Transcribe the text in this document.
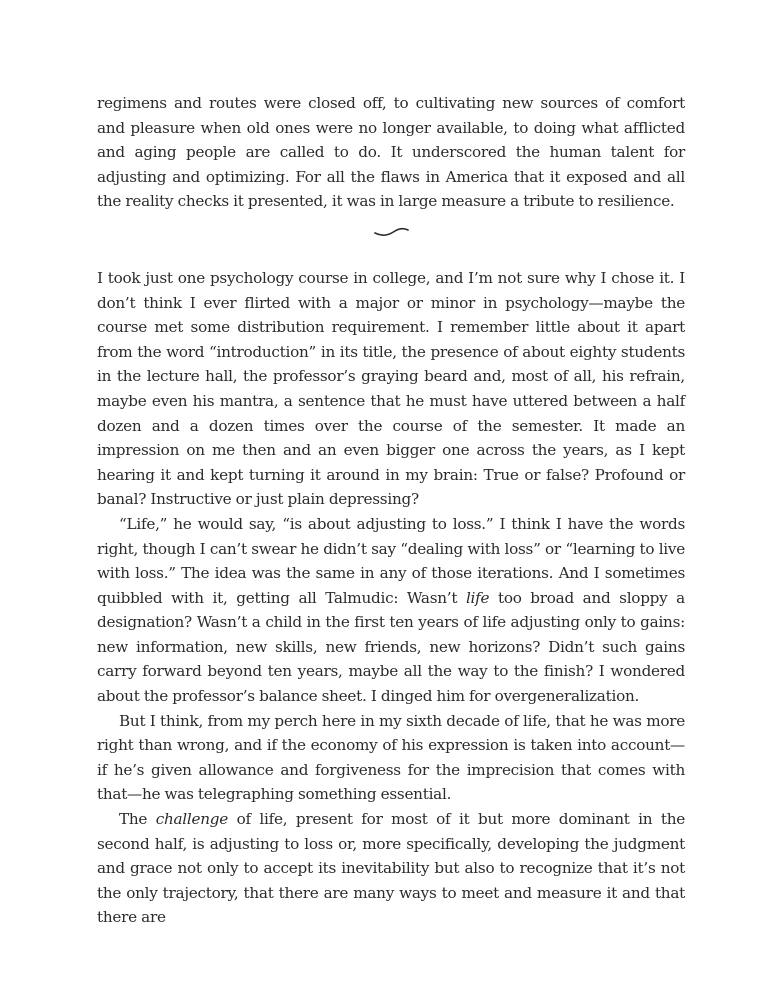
regimens and routes were closed off, to cultivating new sources of comfort and pleasure when old ones were no longer available, to doing what afflicted and aging people are called to do. It underscored the human talent for adjusting and optimizing. For all the flaws in America that it exposed and all the reality checks it presented, it was in large measure a tribute to resilience.

I took just one psychology course in college, and I’m not sure why I chose it. I don’t think I ever flirted with a major or minor in psychology—maybe the course met some distribution requirement. I remember little about it apart from the word “introduction” in its title, the presence of about eighty students in the lecture hall, the professor’s graying beard and, most of all, his refrain, maybe even his mantra, a sentence that he must have uttered between a half dozen and a dozen times over the course of the semester. It made an impression on me then and an even bigger one across the years, as I kept hearing it and kept turning it around in my brain: True or false? Profound or banal? Instructive or just plain depressing?

“Life,” he would say, “is about adjusting to loss.” I think I have the words right, though I can’t swear he didn’t say “dealing with loss” or “learning to live with loss.” The idea was the same in any of those iterations. And I sometimes quibbled with it, getting all Talmudic: Wasn’t life too broad and sloppy a designation? Wasn’t a child in the first ten years of life adjusting only to gains: new information, new skills, new friends, new horizons? Didn’t such gains carry forward beyond ten years, maybe all the way to the finish? I wondered about the professor’s balance sheet. I dinged him for overgeneralization.

But I think, from my perch here in my sixth decade of life, that he was more right than wrong, and if the economy of his expression is taken into account—if he’s given allowance and forgiveness for the imprecision that comes with that—he was telegraphing something essential.

The challenge of life, present for most of it but more dominant in the second half, is adjusting to loss or, more specifically, developing the judgment and grace not only to accept its inevitability but also to recognize that it’s not the only trajectory, that there are many ways to meet and measure it and that there are
